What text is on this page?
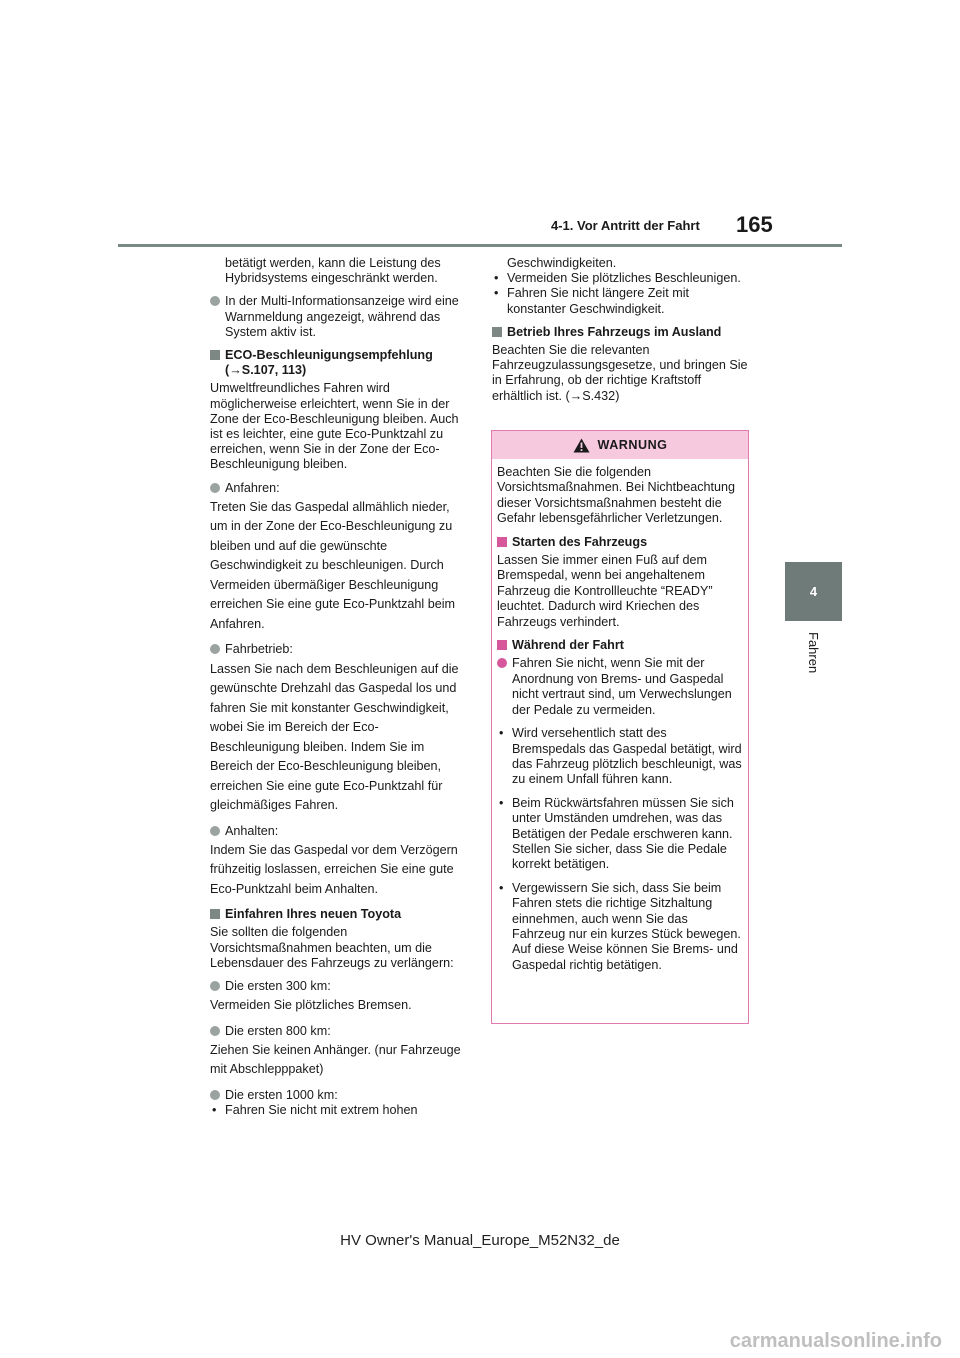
4-1. Vor Antritt der Fahrt 165
4
Fahren

betätigt werden, kann die Leistung des Hybridsystems eingeschränkt werden.

In der Multi-Informationsanzeige wird eine Warnmeldung angezeigt, während das System aktiv ist.

ECO-Beschleunigungsempfehlung (→S.107, 113)

Umweltfreundliches Fahren wird möglicherweise erleichtert, wenn Sie in der Zone der Eco-Beschleunigung bleiben. Auch ist es leichter, eine gute Eco-Punktzahl zu erreichen, wenn Sie in der Zone der Eco-Beschleunigung bleiben.

Anfahren:

Treten Sie das Gaspedal allmählich nieder, um in der Zone der Eco-Beschleunigung zu bleiben und auf die gewünschte Geschwindigkeit zu beschleunigen. Durch Vermeiden übermäßiger Beschleunigung erreichen Sie eine gute Eco-Punktzahl beim Anfahren.

Fahrbetrieb:

Lassen Sie nach dem Beschleunigen auf die gewünschte Drehzahl das Gaspedal los und fahren Sie mit konstanter Geschwindigkeit, wobei Sie im Bereich der Eco-Beschleunigung bleiben. Indem Sie im Bereich der Eco-Beschleunigung bleiben, erreichen Sie eine gute Eco-Punktzahl für gleichmäßiges Fahren.

Anhalten:

Indem Sie das Gaspedal vor dem Verzögern frühzeitig loslassen, erreichen Sie eine gute Eco-Punktzahl beim Anhalten.

Einfahren Ihres neuen Toyota

Sie sollten die folgenden Vorsichtsmaßnahmen beachten, um die Lebensdauer des Fahrzeugs zu verlängern:

Die ersten 300 km:

Vermeiden Sie plötzliches Bremsen.

Die ersten 800 km:

Ziehen Sie keinen Anhänger. (nur Fahrzeuge mit Abschlepppaket)

Die ersten 1000 km:

• Fahren Sie nicht mit extrem hohen

Geschwindigkeiten.

• Vermeiden Sie plötzliches Beschleunigen.

• Fahren Sie nicht längere Zeit mit konstanter Geschwindigkeit.

Betrieb Ihres Fahrzeugs im Ausland

Beachten Sie die relevanten Fahrzeugzulassungsgesetze, und bringen Sie in Erfahrung, ob der richtige Kraftstoff erhältlich ist. (→S.432)

WARNUNG

Beachten Sie die folgenden Vorsichtsmaßnahmen. Bei Nichtbeachtung dieser Vorsichtsmaßnahmen besteht die Gefahr lebensgefährlicher Verletzungen.

Starten des Fahrzeugs

Lassen Sie immer einen Fuß auf dem Bremspedal, wenn bei angehaltenem Fahrzeug die Kontrollleuchte “READY” leuchtet. Dadurch wird Kriechen des Fahrzeugs verhindert.

Während der Fahrt

Fahren Sie nicht, wenn Sie mit der Anordnung von Brems- und Gaspedal nicht vertraut sind, um Verwechslungen der Pedale zu vermeiden.

• Wird versehentlich statt des Bremspedals das Gaspedal betätigt, wird das Fahrzeug plötzlich beschleunigt, was zu einem Unfall führen kann.

• Beim Rückwärtsfahren müssen Sie sich unter Umständen umdrehen, was das Betätigen der Pedale erschweren kann. Stellen Sie sicher, dass Sie die Pedale korrekt betätigen.

• Vergewissern Sie sich, dass Sie beim Fahren stets die richtige Sitzhaltung einnehmen, auch wenn Sie das Fahrzeug nur ein kurzes Stück bewegen. Auf diese Weise können Sie Brems- und Gaspedal richtig betätigen.

HV Owner's Manual_Europe_M52N32_de
carmanualsonline.info
